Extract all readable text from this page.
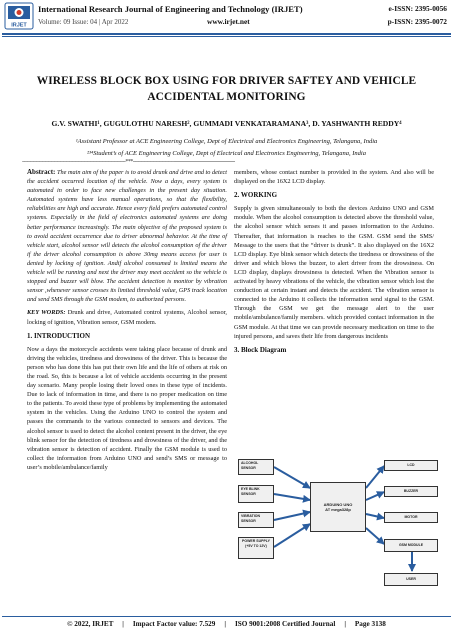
IRJET
International Research Journal of Engineering and Technology (IRJET)
Volume: 09 Issue: 04 | Apr 2022	www.irjet.net
e-ISSN: 2395-0056
p-ISSN: 2395-0072
WIRELESS BLOCK BOX USING FOR DRIVER SAFTEY AND VEHICLE
ACCIDENTAL MONITORING
G.V. SWATHI¹, GUGULOTHU NARESH², GUMMADI VENKATARAMANA³, D. YASHWANTH REDDY⁴
¹Assistant Professor at ACE Engineering College, Dept of Electrical and Electronics Engineering, Telangana, India
²³⁴Student’s of ACE Engineering College, Dept of Electrical and Electronics Engineering, Telangana, India
---------------------------------------------------------------------***--------------------------------------------------------------------
Abstract: The main aim of the paper is to avoid drunk and drive and to detect the accident occurred location of the vehicle. Now a days, every system is automated in order to face new challenges in the present day situation. Automated systems have less manual operations, so that the flexibility, reliabilities are high and accurate. Hence every field prefers automated control systems. Especially in the field of electronics automated systems are doing better performance increasingly. The main objective of the proposed system is to avoid accident occurrence due to driver abnormal behavior. At the time of vehicle start, alcohol sensor will detects the alcohol consumption of the driver if the driver alcohol consumption is above 30mg means access for user is denied by locking of ignition. Andif alcohol consumed is limited means the vehicle will be running and next the driver may meet accident so the vehicle is stopped and buzzer will blow. The accident detection is monitor by vibration sensor ,whenever sensor crosses its limited threshold value, GPS track location and send SMS through the GSM modem, to authorized persons.
KEY WORDS: Drunk and drive, Automated control systems, Alcohol sensor, locking of ignition, Vibration sensor, GSM modem.
1. INTRODUCTION
Now a days the motorcycle accidents were taking place because of drunk and driving the vehicles, tiredness and drowsiness of the driver. This is because the person who has done this has put their own life and the life of others at risk on the road. So, this is because a lot of vehicle accidents occurring in the present day scenario. Many people losing their loved ones in these type of incidents. Due to lack of information in time, and there is no proper medication on time to the patients. To avoid these type of problems by implementing the automated system in the vehicles. Using the Arduino UNO to control the system and passes the commands to the various connected to sensors and devices. The alcohol sensor is used to detect the alcohol content present in the driver, the eye blink sensor for the detection of tiredness and drowsiness of the driver, and the vibration sensor is detection of accident. Finally the GSM module is used to collect the information from Arduino UNO and send’s SMS or message to user’s mobile/ambulance/family
members, whose contact number is provided in the system. And also will be displayed on the 16X2 LCD display.
2. WORKING
Supply is given simultaneously to both the devices Arduino UNO and GSM module. When the alcohol consumption is detected above the threshold value, the alcohol sensor which senses it and passes information to the Arduino. Thereafter, that information is reaches to the GSM. GSM send the SMS/ Message to the users that the “driver is drunk”. It also displayed on the 16X2 LCD display. Eye blink sensor which detects the tiredness or drowsiness of the driver and which blows the buzzer, to alert driver from the drowsiness. On LCD display, displays drowsiness is detected. When the Vibration sensor is activated by heavy vibrations of the vehicle, the vibration sensor which lost the conduction at certain instant and detects the accident. The vibration sensor is connected to the Arduino it collects the information send signal to the GSM. Through the GSM we get the message alert to the user mobile/ambulance/family members. which provided contact information in the GSM module. At that time we can provide necessary medication on time to the injured persons, and saves their life from dangerous incidents
3. Block Diagram
ALCOHOL SENSOR
EYE BLINK SENSOR
VIBRATION SENSOR
POWER SUPPLY (+5V TO 12V)
ARDUINO UNO
AT mega328p
LCD
BUZZER
MOTOR
GSM MODULE
USER
© 2022, IRJET     |     Impact Factor value: 7.529     |     ISO 9001:2008 Certified Journal     |     Page 3138
